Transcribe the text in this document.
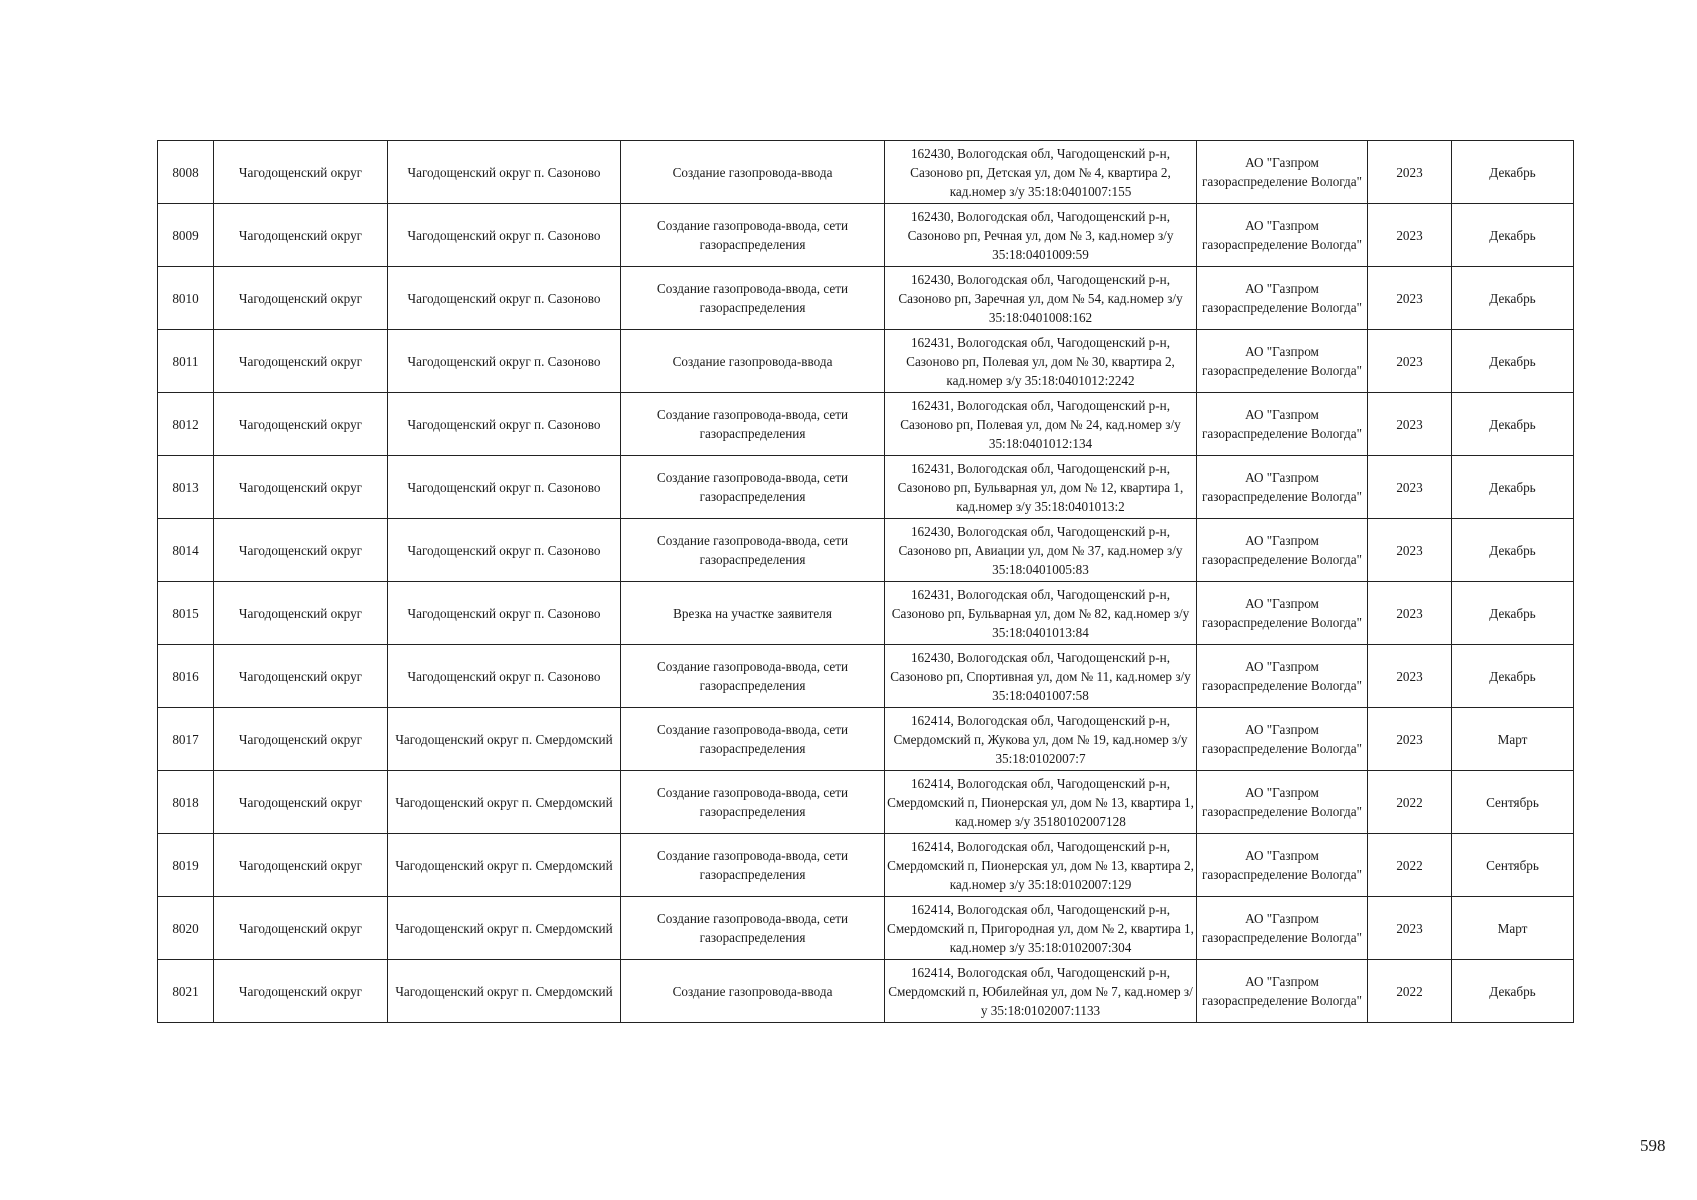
8008	Чагодощенский округ	Чагодощенский округ п. Сазоново	Создание газопровода-ввода	162430, Вологодская обл, Чагодощенский р-н, Сазоново рп, Детская ул, дом № 4, квартира 2, кад.номер з/у 35:18:0401007:155	АО "Газпром газораспределение Вологда"	2023	Декабрь
8009	Чагодощенский округ	Чагодощенский округ п. Сазоново	Создание газопровода-ввода, сети газораспределения	162430, Вологодская обл, Чагодощенский р-н, Сазоново рп, Речная ул, дом № 3, кад.номер з/у 35:18:0401009:59	АО "Газпром газораспределение Вологда"	2023	Декабрь
8010	Чагодощенский округ	Чагодощенский округ п. Сазоново	Создание газопровода-ввода, сети газораспределения	162430, Вологодская обл, Чагодощенский р-н, Сазоново рп, Заречная ул, дом № 54, кад.номер з/у 35:18:0401008:162	АО "Газпром газораспределение Вологда"	2023	Декабрь
8011	Чагодощенский округ	Чагодощенский округ п. Сазоново	Создание газопровода-ввода	162431, Вологодская обл, Чагодощенский р-н, Сазоново рп, Полевая ул, дом № 30, квартира 2, кад.номер з/у 35:18:0401012:2242	АО "Газпром газораспределение Вологда"	2023	Декабрь
8012	Чагодощенский округ	Чагодощенский округ п. Сазоново	Создание газопровода-ввода, сети газораспределения	162431, Вологодская обл, Чагодощенский р-н, Сазоново рп, Полевая ул, дом № 24, кад.номер з/у 35:18:0401012:134	АО "Газпром газораспределение Вологда"	2023	Декабрь
8013	Чагодощенский округ	Чагодощенский округ п. Сазоново	Создание газопровода-ввода, сети газораспределения	162431, Вологодская обл, Чагодощенский р-н, Сазоново рп, Бульварная ул, дом № 12, квартира 1, кад.номер з/у 35:18:0401013:2	АО "Газпром газораспределение Вологда"	2023	Декабрь
8014	Чагодощенский округ	Чагодощенский округ п. Сазоново	Создание газопровода-ввода, сети газораспределения	162430, Вологодская обл, Чагодощенский р-н, Сазоново рп, Авиации ул, дом № 37, кад.номер з/у 35:18:0401005:83	АО "Газпром газораспределение Вологда"	2023	Декабрь
8015	Чагодощенский округ	Чагодощенский округ п. Сазоново	Врезка на участке заявителя	162431, Вологодская обл, Чагодощенский р-н, Сазоново рп, Бульварная ул, дом № 82, кад.номер з/у 35:18:0401013:84	АО "Газпром газораспределение Вологда"	2023	Декабрь
8016	Чагодощенский округ	Чагодощенский округ п. Сазоново	Создание газопровода-ввода, сети газораспределения	162430, Вологодская обл, Чагодощенский р-н, Сазоново рп, Спортивная ул, дом № 11, кад.номер з/у 35:18:0401007:58	АО "Газпром газораспределение Вологда"	2023	Декабрь
8017	Чагодощенский округ	Чагодощенский округ п. Смердомский	Создание газопровода-ввода, сети газораспределения	162414, Вологодская обл, Чагодощенский р-н, Смердомский п, Жукова ул, дом № 19, кад.номер з/у 35:18:0102007:7	АО "Газпром газораспределение Вологда"	2023	Март
8018	Чагодощенский округ	Чагодощенский округ п. Смердомский	Создание газопровода-ввода, сети газораспределения	162414, Вологодская обл, Чагодощенский р-н, Смердомский п, Пионерская ул, дом № 13, квартира 1, кад.номер з/у 35180102007128	АО "Газпром газораспределение Вологда"	2022	Сентябрь
8019	Чагодощенский округ	Чагодощенский округ п. Смердомский	Создание газопровода-ввода, сети газораспределения	162414, Вологодская обл, Чагодощенский р-н, Смердомский п, Пионерская ул, дом № 13, квартира 2, кад.номер з/у 35:18:0102007:129	АО "Газпром газораспределение Вологда"	2022	Сентябрь
8020	Чагодощенский округ	Чагодощенский округ п. Смердомский	Создание газопровода-ввода, сети газораспределения	162414, Вологодская обл, Чагодощенский р-н, Смердомский п, Пригородная ул, дом № 2, квартира 1, кад.номер з/у 35:18:0102007:304	АО "Газпром газораспределение Вологда"	2023	Март
8021	Чагодощенский округ	Чагодощенский округ п. Смердомский	Создание газопровода-ввода	162414, Вологодская обл, Чагодощенский р-н, Смердомский п, Юбилейная ул, дом № 7, кад.номер з/у 35:18:0102007:1133	АО "Газпром газораспределение Вологда"	2022	Декабрь
598
